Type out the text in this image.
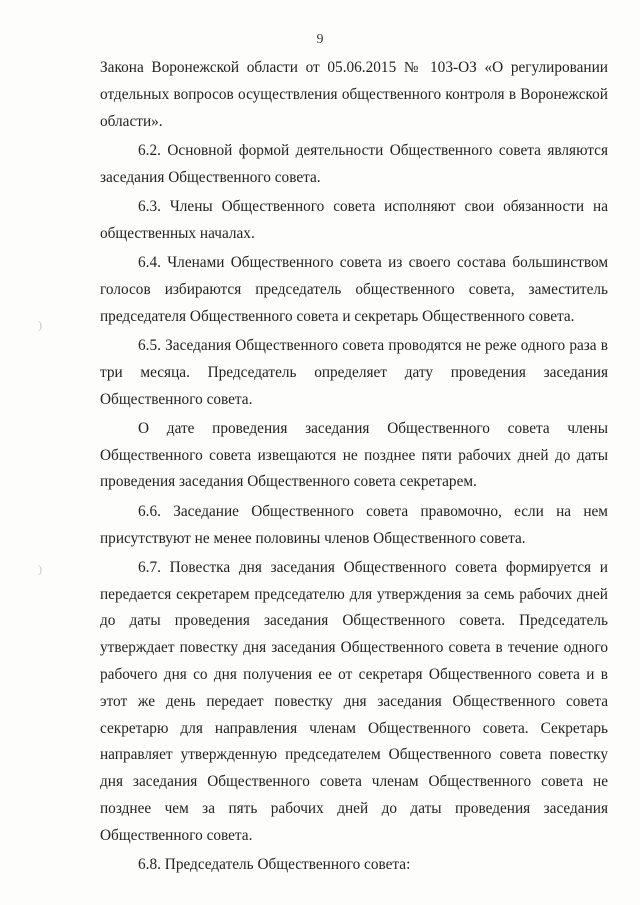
9
)
)

Закона Воронежской области от 05.06.2015 № 103-ОЗ «О регулировании отдельных вопросов осуществления общественного контроля в Воронежской области».

6.2. Основной формой деятельности Общественного совета являются заседания Общественного совета.

6.3. Члены Общественного совета исполняют свои обязанности на общественных началах.

6.4. Членами Общественного совета из своего состава большинством голосов избираются председатель общественного совета, заместитель председателя Общественного совета и секретарь Общественного совета.

6.5. Заседания Общественного совета проводятся не реже одного раза в три месяца. Председатель определяет дату проведения заседания Общественного совета.

О дате проведения заседания Общественного совета члены Общественного совета извещаются не позднее пяти рабочих дней до даты проведения заседания Общественного совета секретарем.

6.6. Заседание Общественного совета правомочно, если на нем присутствуют не менее половины членов Общественного совета.

6.7. Повестка дня заседания Общественного совета формируется и передается секретарем председателю для утверждения за семь рабочих дней до даты проведения заседания Общественного совета. Председатель утверждает повестку дня заседания Общественного совета в течение одного рабочего дня со дня получения ее от секретаря Общественного совета и в этот же день передает повестку дня заседания Общественного совета секретарю для направления членам Общественного совета. Секретарь направляет утвержденную председателем Общественного совета повестку дня заседания Общественного совета членам Общественного совета не позднее чем за пять рабочих дней до даты проведения заседания Общественного совета.

6.8. Председатель Общественного совета:
